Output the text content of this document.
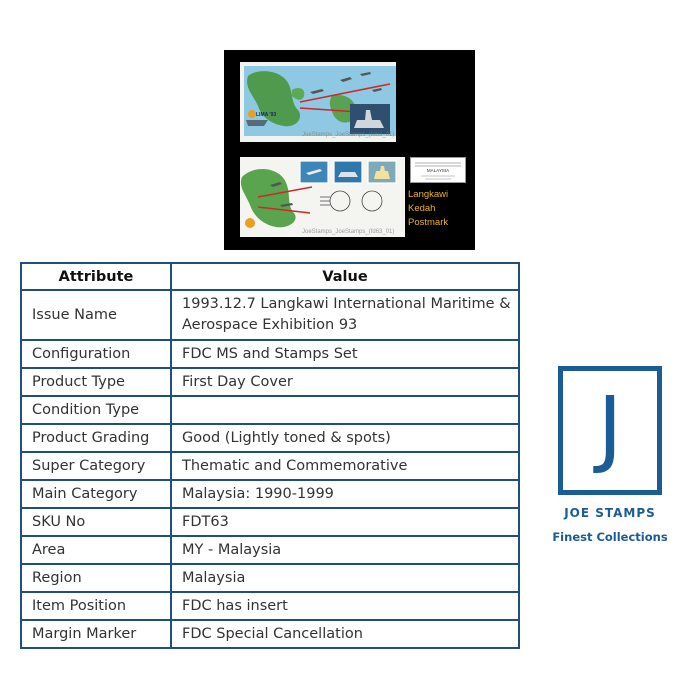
LIMA '93
JoeStamps_JoeStamps_(fd63_01)
JoeStamps_JoeStamps_(fd63_01)
MALAYSIA
Langkawi
Kedah
Postmark
Attribute	Value
Issue Name	1993.12.7 Langkawi International Maritime & Aerospace Exhibition 93
Configuration	FDC MS and Stamps Set
Product Type	First Day Cover
Condition Type	
Product Grading	Good (Lightly toned & spots)
Super Category	Thematic and Commemorative
Main Category	Malaysia: 1990-1999
SKU No	FDT63
Area	MY - Malaysia
Region	Malaysia
Item Position	FDC has insert
Margin Marker	FDC Special Cancellation
J
JOE STAMPS
Finest Collections
